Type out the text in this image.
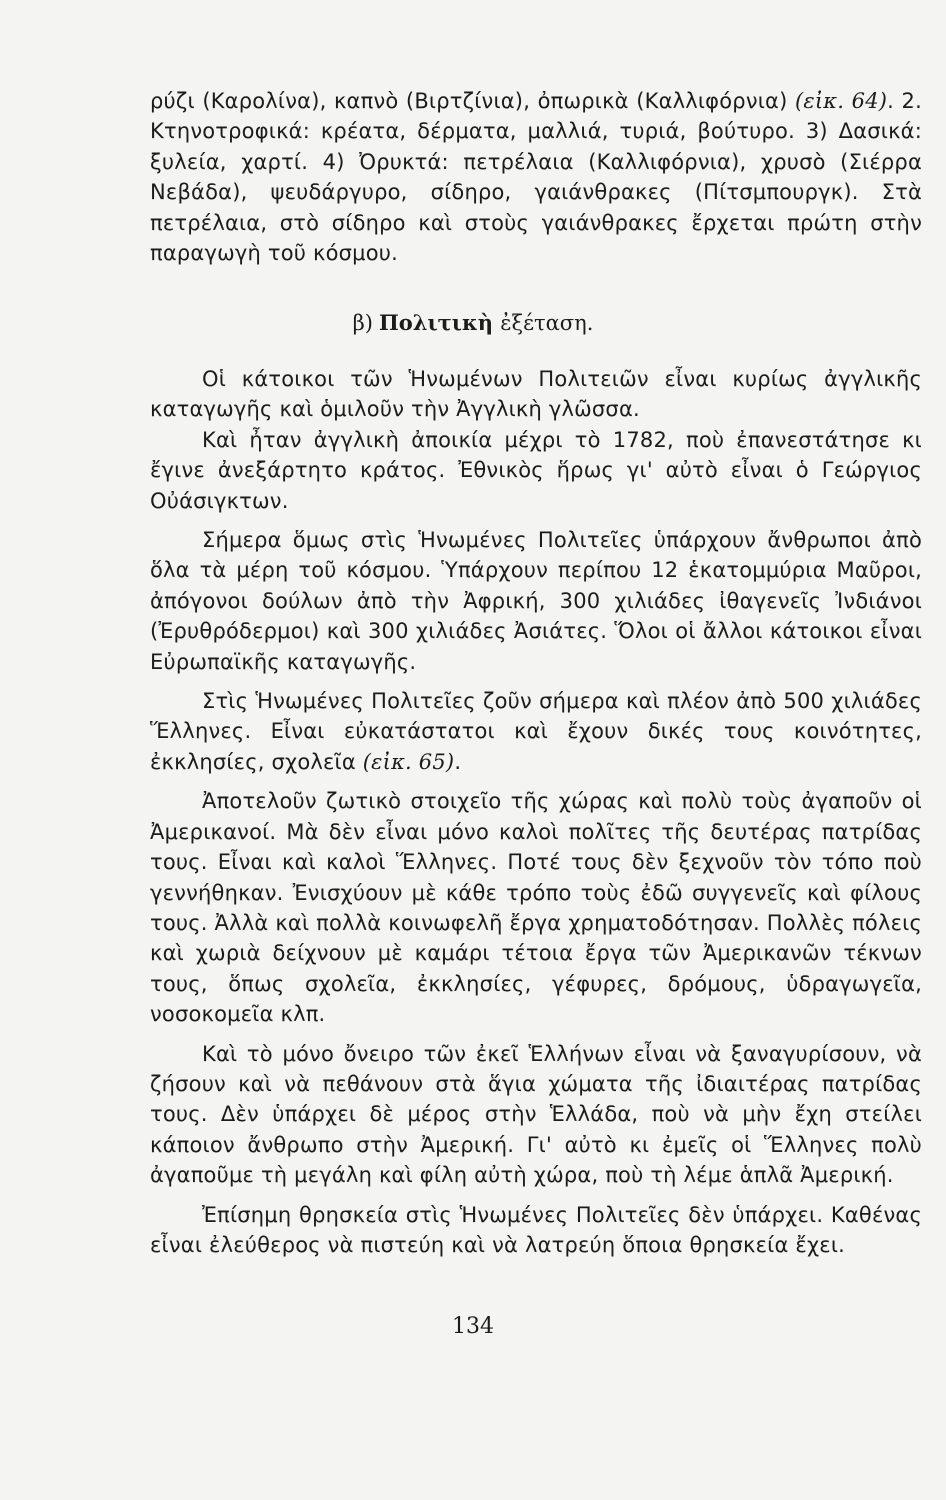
ρύζι (Καρολίνα), καπνὸ (Βιρτζίνια), ὀπωρικὰ (Καλλιφόρνια) (εἰκ. 64). 2. Κτηνοτροφικά: κρέατα, δέρματα, μαλλιά, τυριά, βούτυρο. 3) Δασικά: ξυλεία, χαρτί. 4) Ὀρυκτά: πετρέλαια (Καλλιφόρνια), χρυσὸ (Σιέρρα Νεβάδα), ψευδάργυρο, σίδηρο, γαιάνθρακες (Πίτσμπουργκ). Στὰ πετρέλαια, στὸ σίδηρο καὶ στοὺς γαιάνθρακες ἔρχεται πρώτη στὴν παραγωγὴ τοῦ κόσμου.

β) Πολιτικὴ ἐξέταση.

Οἱ κάτοικοι τῶν Ἡνωμένων Πολιτειῶν εἶναι κυρίως ἀγγλικῆς καταγωγῆς καὶ ὁμιλοῦν τὴν Ἀγγλικὴ γλῶσσα.

Καὶ ἦταν ἀγγλικὴ ἀποικία μέχρι τὸ 1782, ποὺ ἐπανεστάτησε κι ἔγινε ἀνεξάρτητο κράτος. Ἐθνικὸς ἥρως γι' αὐτὸ εἶναι ὁ Γεώργιος Οὐάσιγκτων.

Σήμερα ὅμως στὶς Ἡνωμένες Πολιτεῖες ὑπάρχουν ἄνθρωποι ἀπὸ ὅλα τὰ μέρη τοῦ κόσμου. Ὑπάρχουν περίπου 12 ἑκατομμύρια Μαῦροι, ἀπόγονοι δούλων ἀπὸ τὴν Ἀφρική, 300 χιλιάδες ἰθαγενεῖς Ἰνδιάνοι (Ἐρυθρόδερμοι) καὶ 300 χιλιάδες Ἀσιάτες. Ὅλοι οἱ ἄλλοι κάτοικοι εἶναι Εὐρωπαϊκῆς καταγωγῆς.

Στὶς Ἡνωμένες Πολιτεῖες ζοῦν σήμερα καὶ πλέον ἀπὸ 500 χιλιάδες Ἕλληνες. Εἶναι εὐκατάστατοι καὶ ἔχουν δικές τους κοινότητες, ἐκκλησίες, σχολεῖα (εἰκ. 65).

Ἀποτελοῦν ζωτικὸ στοιχεῖο τῆς χώρας καὶ πολὺ τοὺς ἀγαποῦν οἱ Ἀμερικανοί. Μὰ δὲν εἶναι μόνο καλοὶ πολῖτες τῆς δευτέρας πατρίδας τους. Εἶναι καὶ καλοὶ Ἕλληνες. Ποτέ τους δὲν ξεχνοῦν τὸν τόπο ποὺ γεννήθηκαν. Ἐνισχύουν μὲ κάθε τρόπο τοὺς ἐδῶ συγγενεῖς καὶ φίλους τους. Ἀλλὰ καὶ πολλὰ κοινωφελῆ ἔργα χρηματοδότησαν. Πολλὲς πόλεις καὶ χωριὰ δείχνουν μὲ καμάρι τέτοια ἔργα τῶν Ἀμερικανῶν τέκνων τους, ὅπως σχολεῖα, ἐκκλησίες, γέφυρες, δρόμους, ὑδραγωγεῖα, νοσοκομεῖα κλπ.

Καὶ τὸ μόνο ὄνειρο τῶν ἐκεῖ Ἑλλήνων εἶναι νὰ ξαναγυρίσουν, νὰ ζήσουν καὶ νὰ πεθάνουν στὰ ἅγια χώματα τῆς ἰδιαιτέρας πατρίδας τους. Δὲν ὑπάρχει δὲ μέρος στὴν Ἑλλάδα, ποὺ νὰ μὴν ἔχη στείλει κάποιον ἄνθρωπο στὴν Ἀμερική. Γι' αὐτὸ κι ἐμεῖς οἱ Ἕλληνες πολὺ ἀγαποῦμε τὴ μεγάλη καὶ φίλη αὐτὴ χώρα, ποὺ τὴ λέμε ἁπλᾶ Ἀμερική.

Ἐπίσημη θρησκεία στὶς Ἡνωμένες Πολιτεῖες δὲν ὑπάρχει. Καθένας εἶναι ἐλεύθερος νὰ πιστεύη καὶ νὰ λατρεύη ὅποια θρησκεία ἔχει.

134
